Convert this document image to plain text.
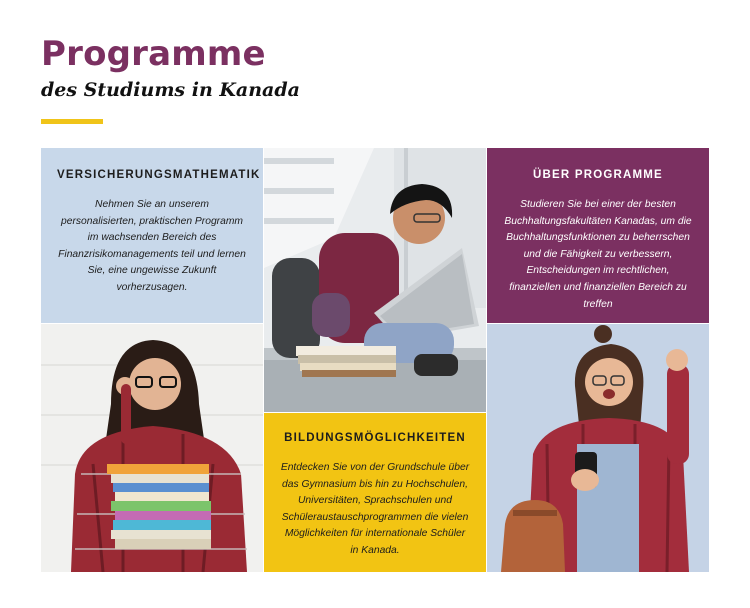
Programme
des Studiums in Kanada

VERSICHERUNGSMATHEMATIK

Nehmen Sie an unserem personalisierten, praktischen Programm im wachsenden Bereich des Finanzrisikomanagements teil und lernen Sie, eine ungewisse Zukunft vorherzusagen.

ÜBER PROGRAMME

Studieren Sie bei einer der besten Buchhaltungsfakultäten Kanadas, um die Buchhaltungsfunktionen zu beherrschen und die Fähigkeit zu verbessern, Entscheidungen im rechtlichen, finanziellen und finanziellen Bereich zu treffen

BILDUNGSMÖGLICHKEITEN

Entdecken Sie von der Grundschule über das Gymnasium bis hin zu Hochschulen, Universitäten, Sprachschulen und Schüleraustauschprogrammen die vielen Möglichkeiten für internationale Schüler in Kanada.
